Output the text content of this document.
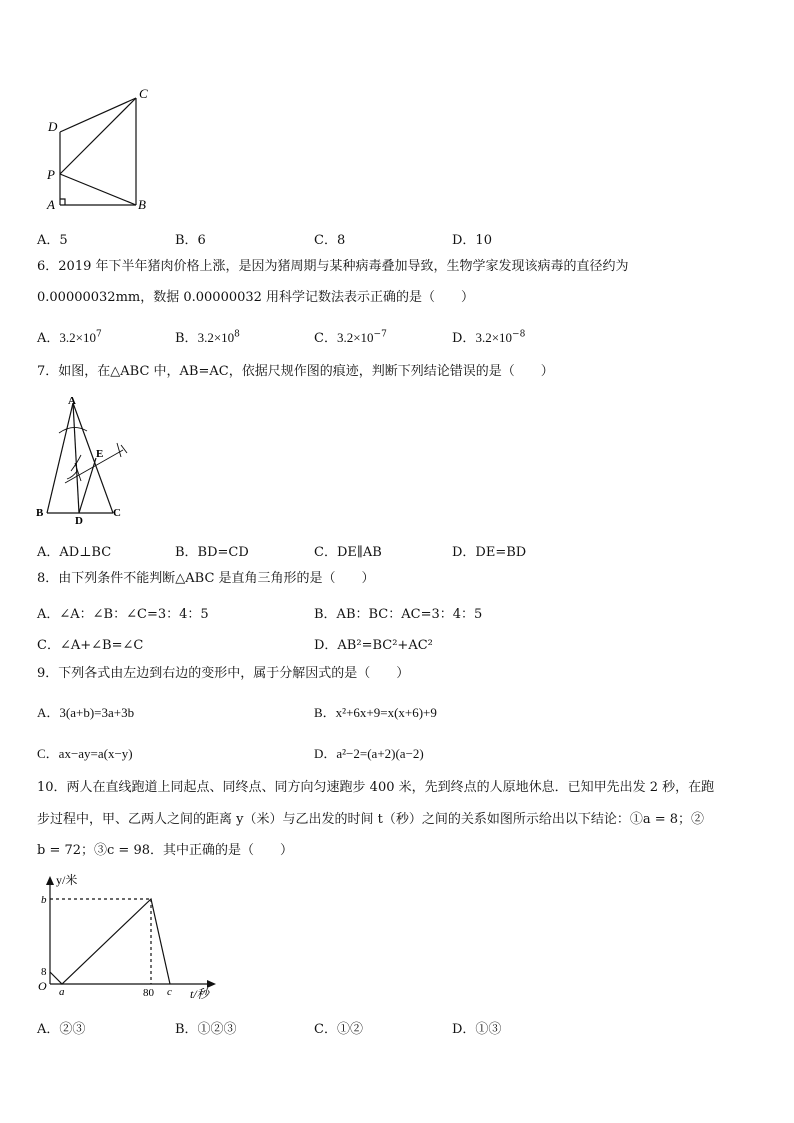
C
D
P
A	B
A．5	B．6	C．8	D．10
6．2019 年下半年猪肉价格上涨，是因为猪周期与某种病毒叠加导致，生物学家发现该病毒的直径约为
0.00000032mm，数据 0.00000032 用科学记数法表示正确的是（　　）
A．$3.2\times 10^7$	B．$3.2\times 10^8$	C．$3.2\times 10^{-7}$	D．$3.2\times 10^{-8}$
7．如图，在△ABC 中，AB=AC，依据尺规作图的痕迹，判断下列结论错误的是（　　）
A
B	C
D
E
A．AD⊥BC	B．BD=CD	C．DE∥AB	D．DE=BD
8．由下列条件不能判断△ABC 是直角三角形的是（　　）
A．∠A：∠B：∠C=3：4：5	B．AB：BC：AC=3：4：5
C．∠A+∠B=∠C	D．AB²=BC²+AC²
9．下列各式由左边到右边的变形中，属于分解因式的是（　　）
A．3(a+b)=3a+3b	B．x²+6x+9=x(x+6)+9
C．ax−ay=a(x−y)	D．a²−2=(a+2)(a−2)
10．两人在直线跑道上同起点、同终点、同方向匀速跑步 400 米，先到终点的人原地休息．已知甲先出发 2 秒，在跑
步过程中，甲、乙两人之间的距离 y（米）与乙出发的时间 t（秒）之间的关系如图所示给出以下结论：①a = 8；②
b = 72；③c = 98．其中正确的是（　　）
y/米
t/秒
O
b
8
a	80 c
A．②③	B．①②③	C．①②	D．①③
